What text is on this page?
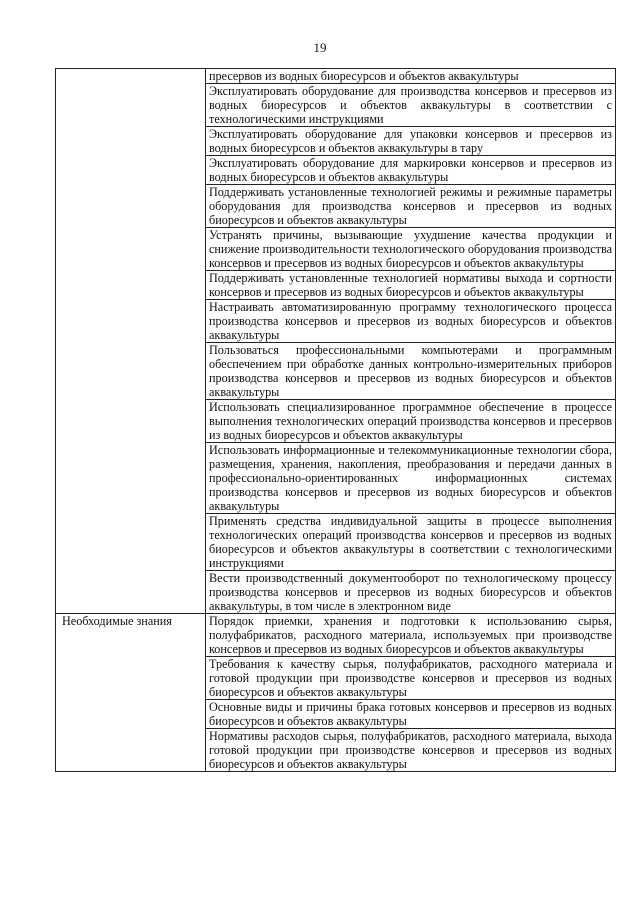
19
	пресервов из водных биоресурсов и объектов аквакультуры
	Эксплуатировать оборудование для производства консервов и пресервов из водных биоресурсов и объектов аквакультуры в соответствии с технологическими инструкциями
	Эксплуатировать оборудование для упаковки консервов и пресервов из водных биоресурсов и объектов аквакультуры в тару
	Эксплуатировать оборудование для маркировки консервов и пресервов из водных биоресурсов и объектов аквакультуры
	Поддерживать установленные технологией режимы и режимные параметры оборудования для производства консервов и пресервов из водных биоресурсов и объектов аквакультуры
	Устранять причины, вызывающие ухудшение качества продукции и снижение производительности технологического оборудования производства консервов и пресервов из водных биоресурсов и объектов аквакультуры
	Поддерживать установленные технологией нормативы выхода и сортности консервов и пресервов из водных биоресурсов и объектов аквакультуры
	Настраивать автоматизированную программу технологического процесса производства консервов и пресервов из водных биоресурсов и объектов аквакультуры
	Пользоваться профессиональными компьютерами и программным обеспечением при обработке данных контрольно-измерительных приборов производства консервов и пресервов из водных биоресурсов и объектов аквакультуры
	Использовать специализированное программное обеспечение в процессе выполнения технологических операций производства консервов и пресервов из водных биоресурсов и объектов аквакультуры
	Использовать информационные и телекоммуникационные технологии сбора, размещения, хранения, накопления, преобразования и передачи данных в профессионально-ориентированных информационных системах производства консервов и пресервов из водных биоресурсов и объектов аквакультуры
	Применять средства индивидуальной защиты в процессе выполнения технологических операций производства консервов и пресервов из водных биоресурсов и объектов аквакультуры в соответствии с технологическими инструкциями
	Вести производственный документооборот по технологическому процессу производства консервов и пресервов из водных биоресурсов и объектов аквакультуры, в том числе в электронном виде
Необходимые знания	Порядок приемки, хранения и подготовки к использованию сырья, полуфабрикатов, расходного материала, используемых при производстве консервов и пресервов из водных биоресурсов и объектов аквакультуры
	Требования к качеству сырья, полуфабрикатов, расходного материала и готовой продукции при производстве консервов и пресервов из водных биоресурсов и объектов аквакультуры
	Основные виды и причины брака готовых консервов и пресервов из водных биоресурсов и объектов аквакультуры
	Нормативы расходов сырья, полуфабрикатов, расходного материала, выхода готовой продукции при производстве консервов и пресервов из водных биоресурсов и объектов аквакультуры
